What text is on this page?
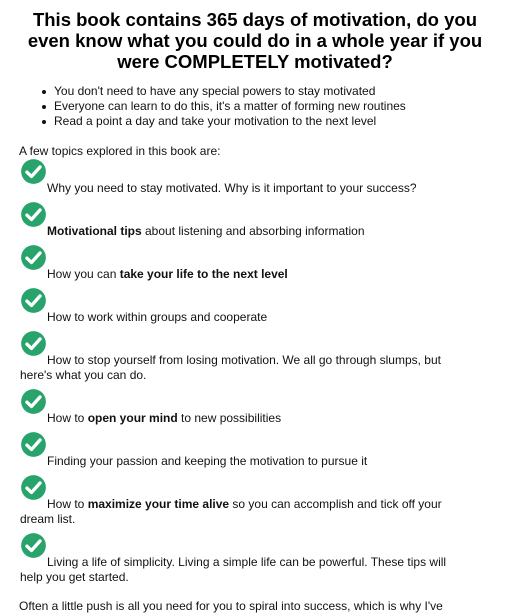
This book contains 365 days of motivation, do you even know what you could do in a whole year if you were COMPLETELY motivated?
You don't need to have any special powers to stay motivated
Everyone can learn to do this, it's a matter of forming new routines
Read a point a day and take your motivation to the next level
A few topics explored in this book are:
Why you need to stay motivated. Why is it important to your success?
Motivational tips about listening and absorbing information
How you can take your life to the next level
How to work within groups and cooperate
How to stop yourself from losing motivation. We all go through slumps, but here's what you can do.
How to open your mind to new possibilities
Finding your passion and keeping the motivation to pursue it
How to maximize your time alive so you can accomplish and tick off your dream list.
Living a life of simplicity. Living a simple life can be powerful. These tips will help you get started.
Often a little push is all you need for you to spiral into success, which is why I've
